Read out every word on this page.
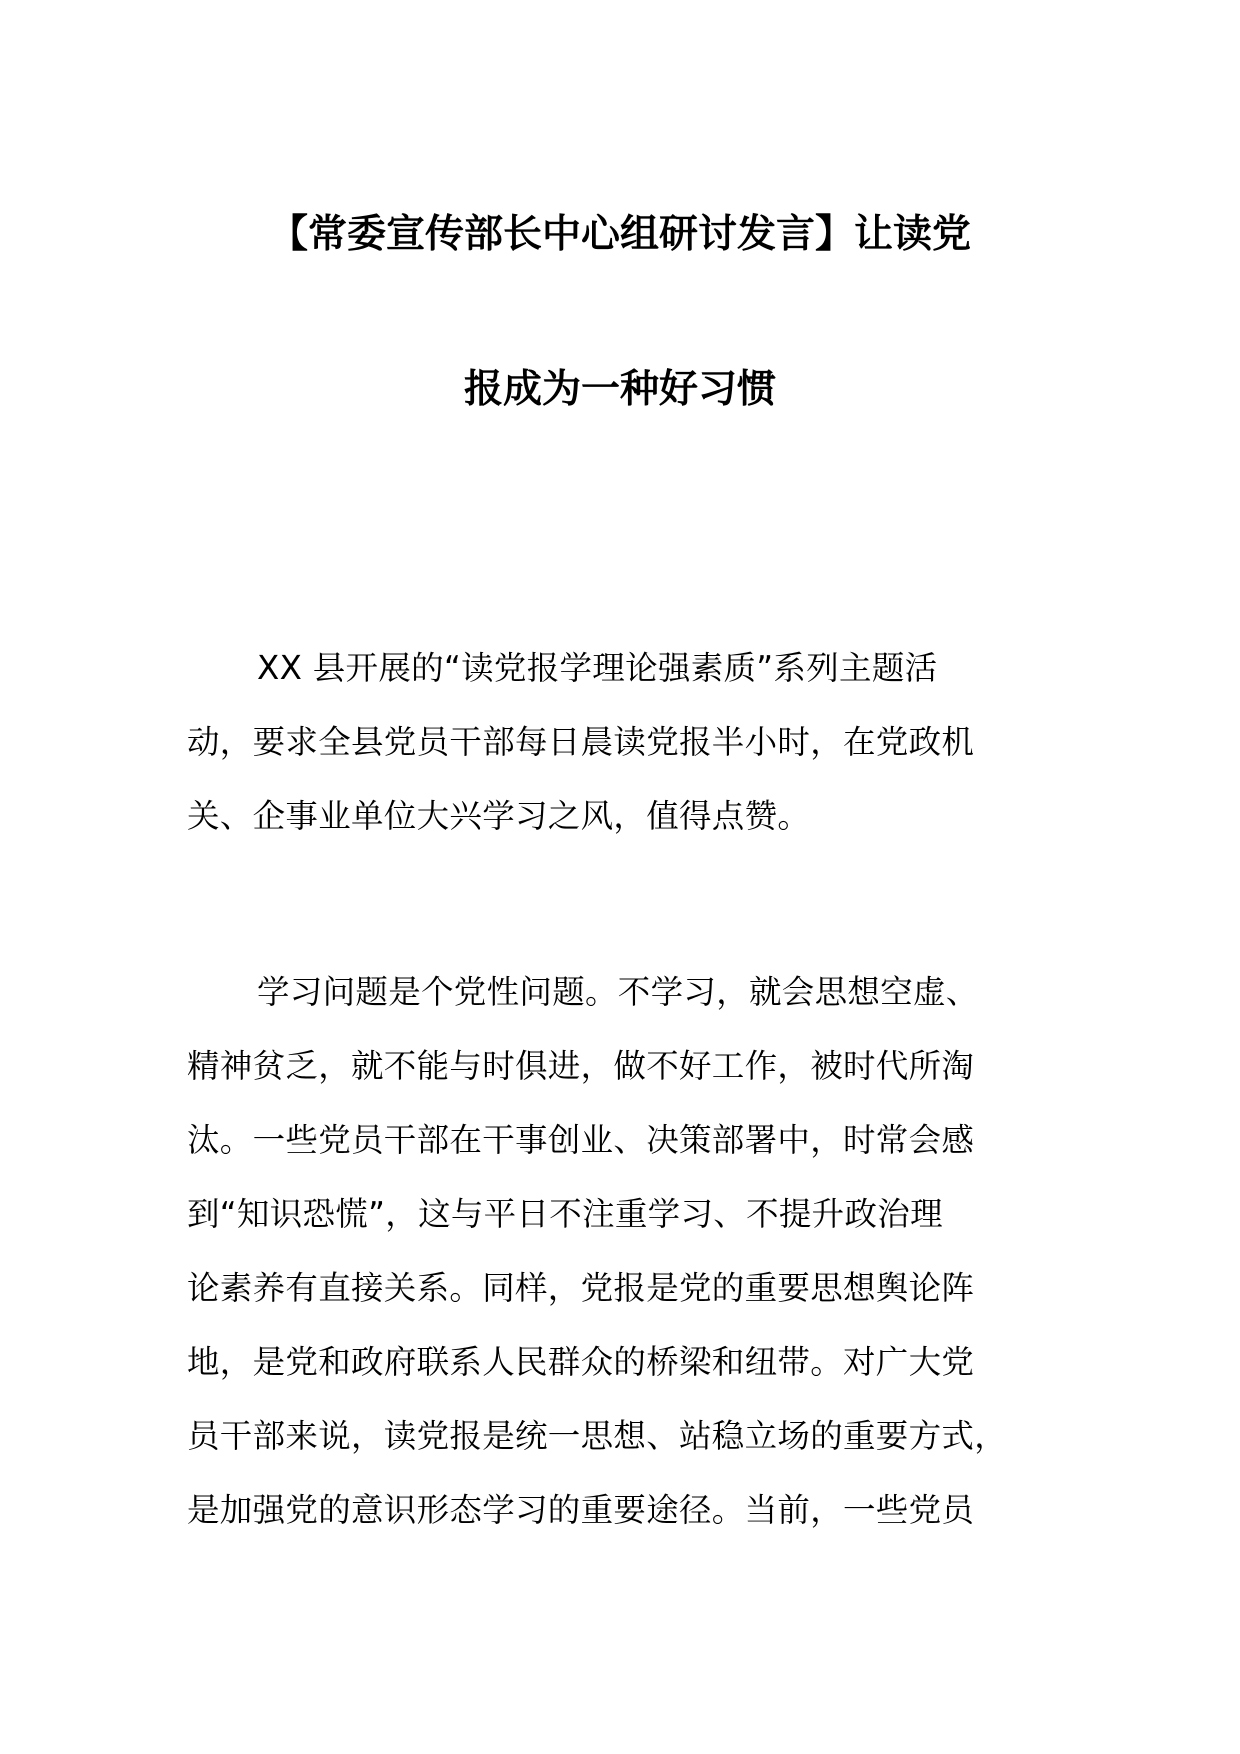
【常委宣传部长中心组研讨发言】让读党
报成为一种好习惯
XX 县开展的“读党报学理论强素质”系列主题活
动，要求全县党员干部每日晨读党报半小时，在党政机
关、企事业单位大兴学习之风，值得点赞。
学习问题是个党性问题。不学习，就会思想空虚、
精神贫乏，就不能与时俱进，做不好工作，被时代所淘
汰。一些党员干部在干事创业、决策部署中，时常会感
到“知识恐慌”，这与平日不注重学习、不提升政治理
论素养有直接关系。同样，党报是党的重要思想舆论阵
地，是党和政府联系人民群众的桥梁和纽带。对广大党
员干部来说，读党报是统一思想、站稳立场的重要方式，
是加强党的意识形态学习的重要途径。当前，一些党员
